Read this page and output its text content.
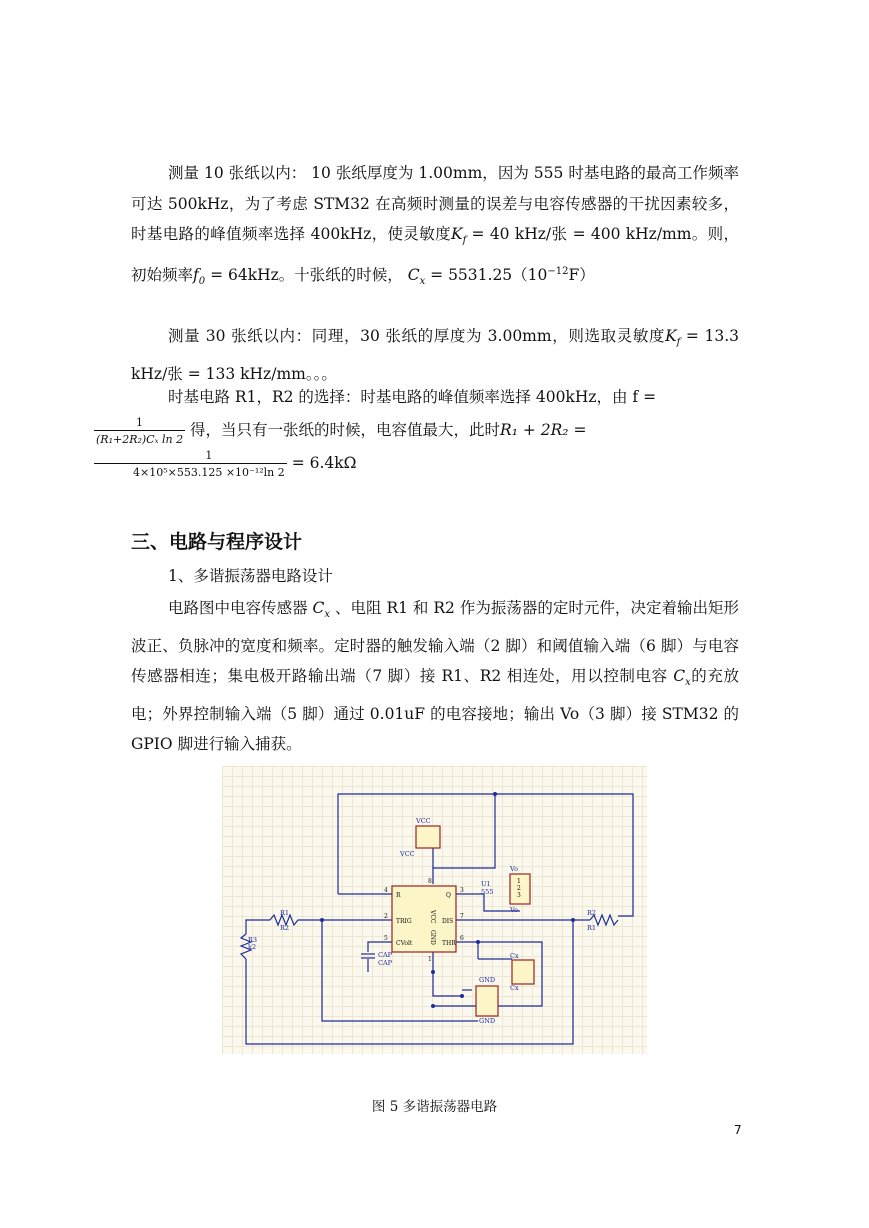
测量 10 张纸以内： 10 张纸厚度为 1.00mm，因为 555 时基电路的最高工作频率可达 500kHz，为了考虑 STM32 在高频时测量的误差与电容传感器的干扰因素较多，时基电路的峰值频率选择 400kHz，使灵敏度$K_f = 40$ kHz/张 = 400 kHz/mm。则，初始频率$f_0 = 64kHz$。十张纸的时候， $C_x = 5531.25(10^{-12}F)$
测量 30 张纸以内：同理，30 张纸的厚度为 3.00mm，则选取灵敏度$K_f = 13.3$ kHz/张 = 133 kHz/mm。。。
时基电路 R1，R2 的选择：时基电路的峰值频率选择 400kHz，由 f =

$\frac{1}{\text{(R₁+2R₂)Cₓ ln 2}}$ 得，当只有一张纸的时候，电容值最大，此时R₁ + 2R₂ =

$\frac{1}{\text{4×10⁵×553.125 ×10⁻¹²ln 2}} = 6.4k\Omega$
三、电路与程序设计
1、多谐振荡器电路设计
电路图中电容传感器 $C_x$ 、电阻 R1 和 R2 作为振荡器的定时元件，决定着输出矩形波正、负脉冲的宽度和频率。定时器的触发输入端（2 脚）和阈值输入端（6 脚）与电容传感器相连；集电极开路输出端（7 脚）接 R1、R2 相连处，用以控制电容 $C_x$的充放电；外界控制输入端（5 脚）通过 0.01uF 的电容接地；输出 Vo（3 脚）接 STM32 的 GPIO 脚进行输入捕获。
VCC
VCC
Vo
Vo
U1
555
R1
R2
R2
R1
R3
k2
CAP
CAP
Cx
Cx
GND
GND
R	Q
VCC
TRIG	DIS
CVolt	GND THR
4
8
3
2	7
5	6
1
1
2
3
图 5 多谐振荡器电路
7
